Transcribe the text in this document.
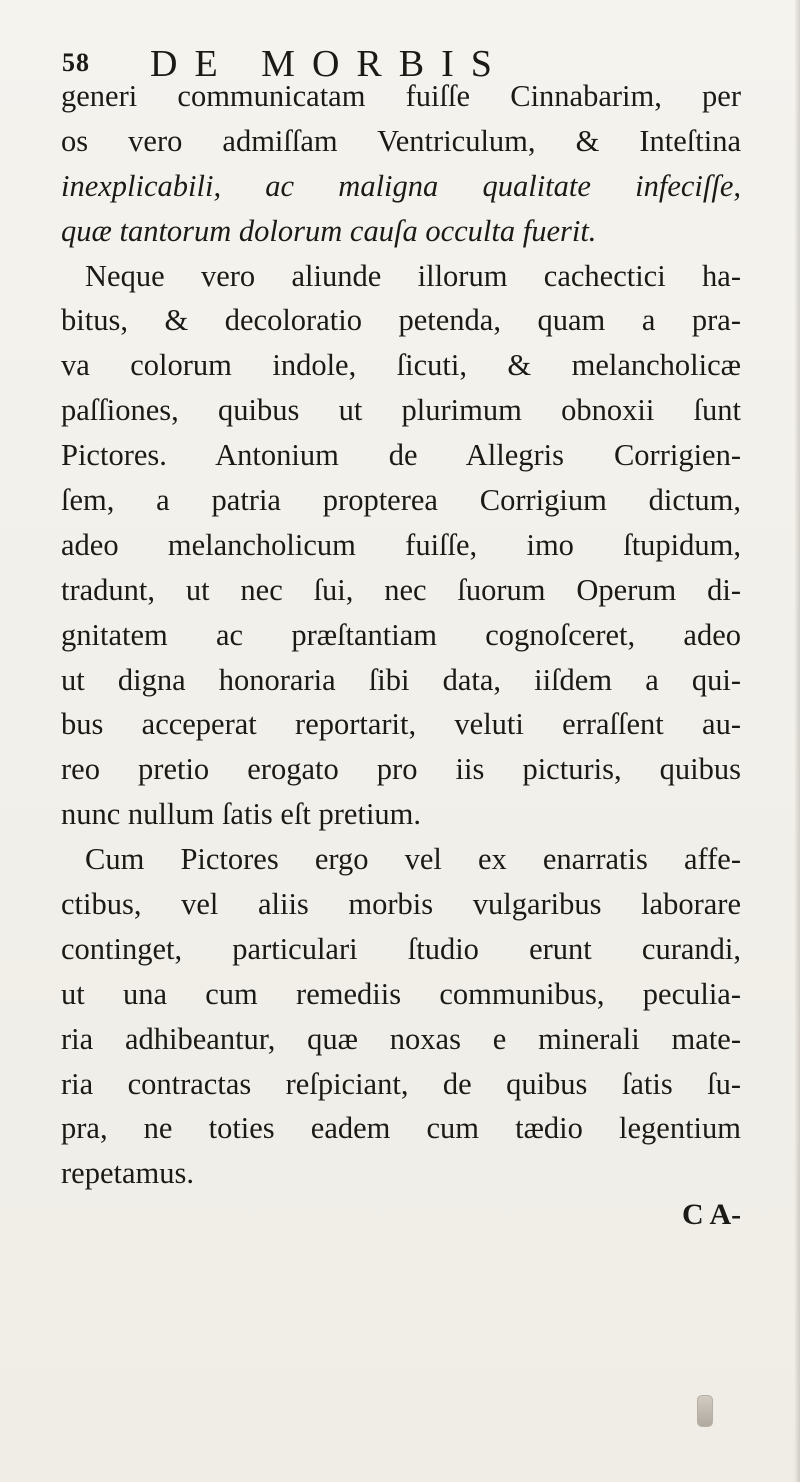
58 DE MORBIS
generi communicatam fuiſſe Cinnabarim, per
os vero admiſſam Ventriculum, & Inteſtina
inexplicabili, ac maligna qualitate infeciſſe,
quæ tantorum dolorum cauſa occulta fuerit.
Neque vero aliunde illorum cachectici ha-
bitus, & decoloratio petenda, quam a pra-
va colorum indole, ſicuti, & melancholicæ
paſſiones, quibus ut plurimum obnoxii ſunt
Pictores. Antonium de Allegris Corrigien-
ſem, a patria propterea Corrigium dictum,
adeo melancholicum fuiſſe, imo ſtupidum,
tradunt, ut nec ſui, nec ſuorum Operum di-
gnitatem ac præſtantiam cognoſceret, adeo
ut digna honoraria ſibi data, iiſdem a qui-
bus acceperat reportarit, veluti erraſſent au-
reo pretio erogato pro iis picturis, quibus
nunc nullum ſatis eſt pretium.
Cum Pictores ergo vel ex enarratis affe-
ctibus, vel aliis morbis vulgaribus laborare
continget, particulari ſtudio erunt curandi,
ut una cum remediis communibus, peculia-
ria adhibeantur, quæ noxas e minerali mate-
ria contractas reſpiciant, de quibus ſatis ſu-
pra, ne toties eadem cum tædio legentium
repetamus.
C A-
